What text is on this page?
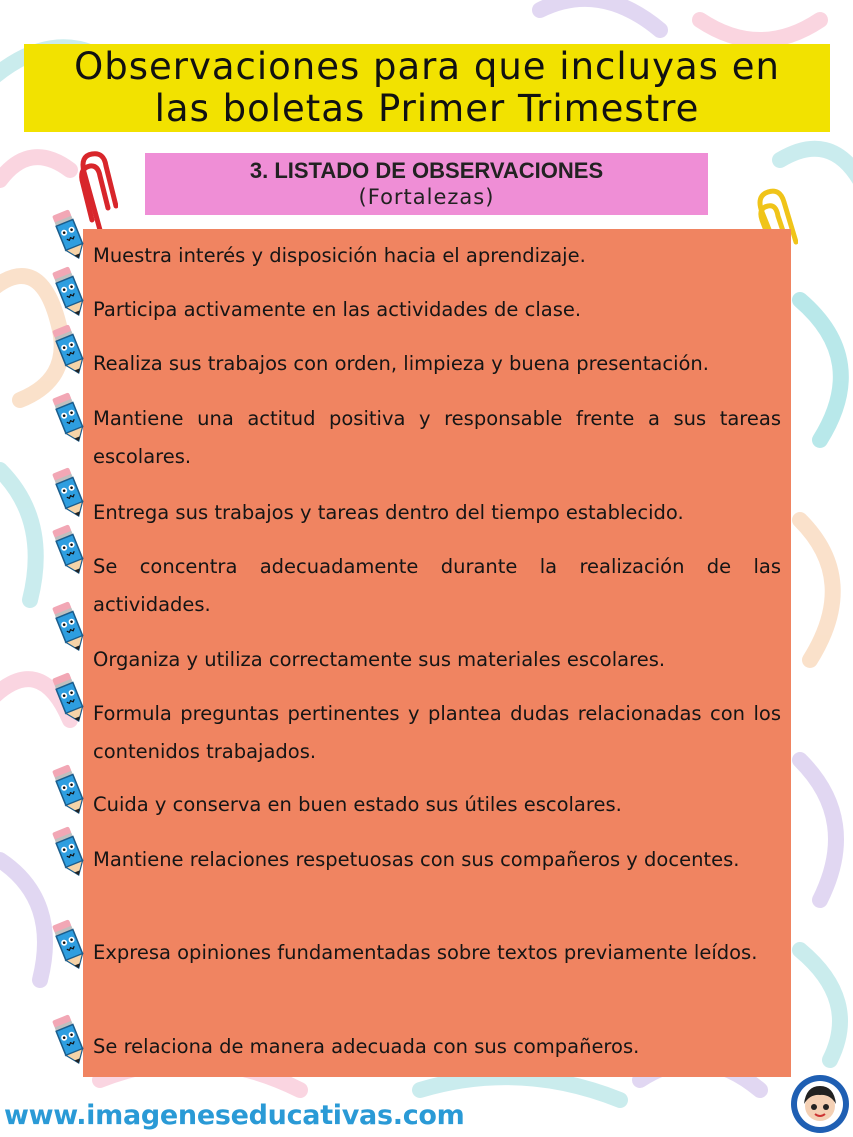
Observaciones para que incluyas en
las boletas Primer Trimestre
3. LISTADO DE OBSERVACIONES
(Fortalezas)
Muestra interés y disposición hacia el aprendizaje.
Participa activamente en las actividades de clase.
Realiza sus trabajos con orden, limpieza y buena presentación.
Mantiene una actitud positiva y responsable frente a sus tareas escolares.
Entrega sus trabajos y tareas dentro del tiempo establecido.
Se concentra adecuadamente durante la realización de las actividades.
Organiza y utiliza correctamente sus materiales escolares.
Formula preguntas pertinentes y plantea dudas relacionadas con los contenidos trabajados.
Cuida y conserva en buen estado sus útiles escolares.
Mantiene relaciones respetuosas con sus compañeros y docentes.
Expresa opiniones fundamentadas sobre textos previamente leídos.
Se relaciona de manera adecuada con sus compañeros.
www.imageneseducativas.com
